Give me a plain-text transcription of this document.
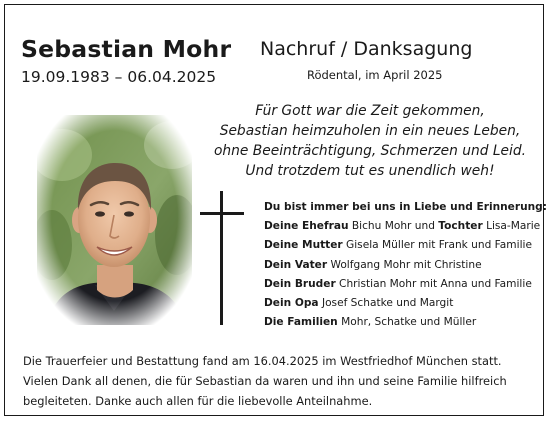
Sebastian Mohr

19.09.1983 – 06.04.2025

Nachruf / Danksagung

Rödental, im April 2025

Für Gott war die Zeit gekommen,
Sebastian heimzuholen in ein neues Leben,
ohne Beeinträchtigung, Schmerzen und Leid.
Und trotzdem tut es unendlich weh!

Du bist immer bei uns in Liebe und Erinnerung:
Deine Ehefrau Bichu Mohr und Tochter Lisa-Marie
Deine Mutter Gisela Müller mit Frank und Familie
Dein Vater Wolfgang Mohr mit Christine
Dein Bruder Christian Mohr mit Anna und Familie
Dein Opa Josef Schatke und Margit
Die Familien Mohr, Schatke und Müller

Die Trauerfeier und Bestattung fand am 16.04.2025 im Westfriedhof München statt.
Vielen Dank all denen, die für Sebastian da waren und ihn und seine Familie hilfreich
begleiteten. Danke auch allen für die liebevolle Anteilnahme.
